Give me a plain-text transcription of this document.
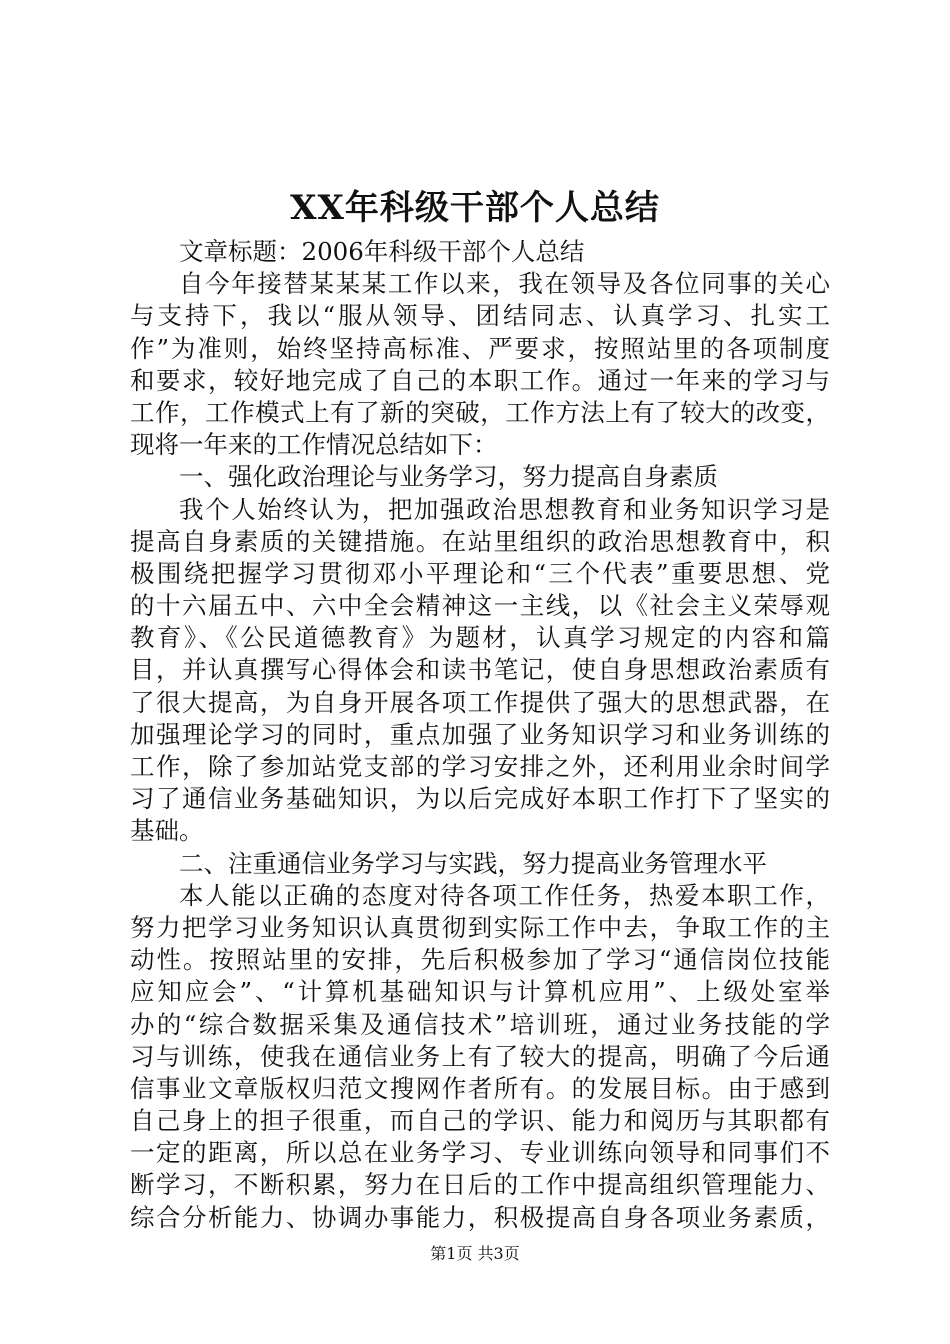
XX年科级干部个人总结
文章标题：2006年科级干部个人总结
自今年接替某某某工作以来，我在领导及各位同事的关心
与支持下，我以“服从领导、团结同志、认真学习、扎实工
作”为准则，始终坚持高标准、严要求，按照站里的各项制度
和要求，较好地完成了自己的本职工作。通过一年来的学习与
工作，工作模式上有了新的突破，工作方法上有了较大的改变，
现将一年来的工作情况总结如下：
一、强化政治理论与业务学习，努力提高自身素质
我个人始终认为，把加强政治思想教育和业务知识学习是
提高自身素质的关键措施。在站里组织的政治思想教育中，积
极围绕把握学习贯彻邓小平理论和“三个代表”重要思想、党
的十六届五中、六中全会精神这一主线，以《社会主义荣辱观
教育》、《公民道德教育》为题材，认真学习规定的内容和篇
目，并认真撰写心得体会和读书笔记，使自身思想政治素质有
了很大提高，为自身开展各项工作提供了强大的思想武器，在
加强理论学习的同时，重点加强了业务知识学习和业务训练的
工作，除了参加站党支部的学习安排之外，还利用业余时间学
习了通信业务基础知识，为以后完成好本职工作打下了坚实的
基础。
二、注重通信业务学习与实践，努力提高业务管理水平
本人能以正确的态度对待各项工作任务，热爱本职工作，
努力把学习业务知识认真贯彻到实际工作中去，争取工作的主
动性。按照站里的安排，先后积极参加了学习“通信岗位技能
应知应会”、“计算机基础知识与计算机应用”、上级处室举
办的“综合数据采集及通信技术”培训班，通过业务技能的学
习与训练，使我在通信业务上有了较大的提高，明确了今后通
信事业文章版权归范文搜网作者所有。的发展目标。由于感到
自己身上的担子很重，而自己的学识、能力和阅历与其职都有
一定的距离，所以总在业务学习、专业训练向领导和同事们不
断学习，不断积累，努力在日后的工作中提高组织管理能力、
综合分析能力、协调办事能力，积极提高自身各项业务素质，
第1页 共3页
